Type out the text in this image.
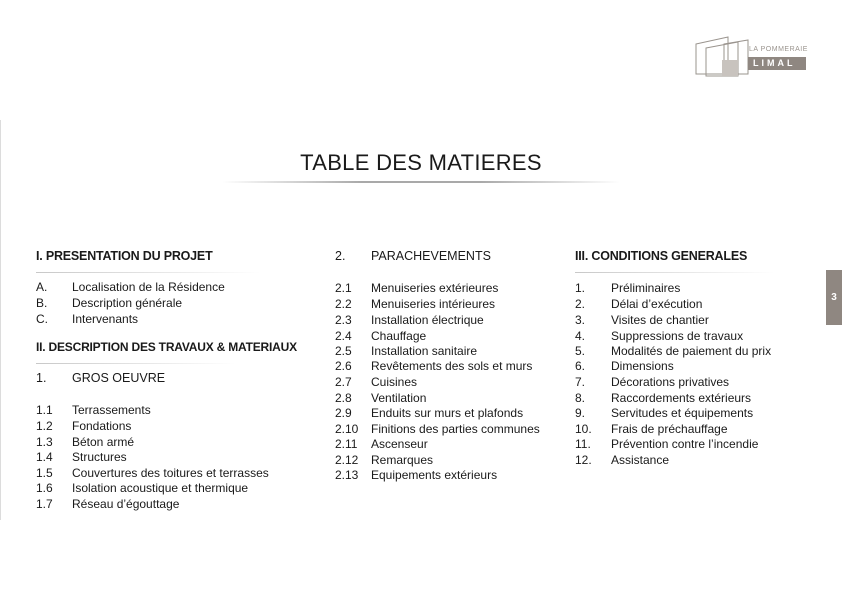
LA POMMERAIE
LIMAL
TABLE DES MATIERES
I. PRESENTATION DU PROJET
A. Localisation de la Résidence
B. Description générale
C. Intervenants
II. DESCRIPTION DES TRAVAUX & MATERIAUX
1. GROS OEUVRE
1.1 Terrassements
1.2 Fondations
1.3 Béton armé
1.4 Structures
1.5 Couvertures des toitures et terrasses
1.6 Isolation acoustique et thermique
1.7 Réseau d’égouttage
2. PARACHEVEMENTS
2.1 Menuiseries extérieures
2.2 Menuiseries intérieures
2.3 Installation électrique
2.4 Chauffage
2.5 Installation sanitaire
2.6 Revêtements des sols et murs
2.7 Cuisines
2.8 Ventilation
2.9 Enduits sur murs et plafonds
2.10 Finitions des parties communes
2.11 Ascenseur
2.12 Remarques
2.13 Equipements extérieurs
III. CONDITIONS GENERALES
1. Préliminaires
2. Délai d’exécution
3. Visites de chantier
4. Suppressions de travaux
5. Modalités de paiement du prix
6. Dimensions
7. Décorations privatives
8. Raccordements extérieurs
9. Servitudes et équipements
10. Frais de préchauffage
11. Prévention contre l’incendie
12. Assistance
3
